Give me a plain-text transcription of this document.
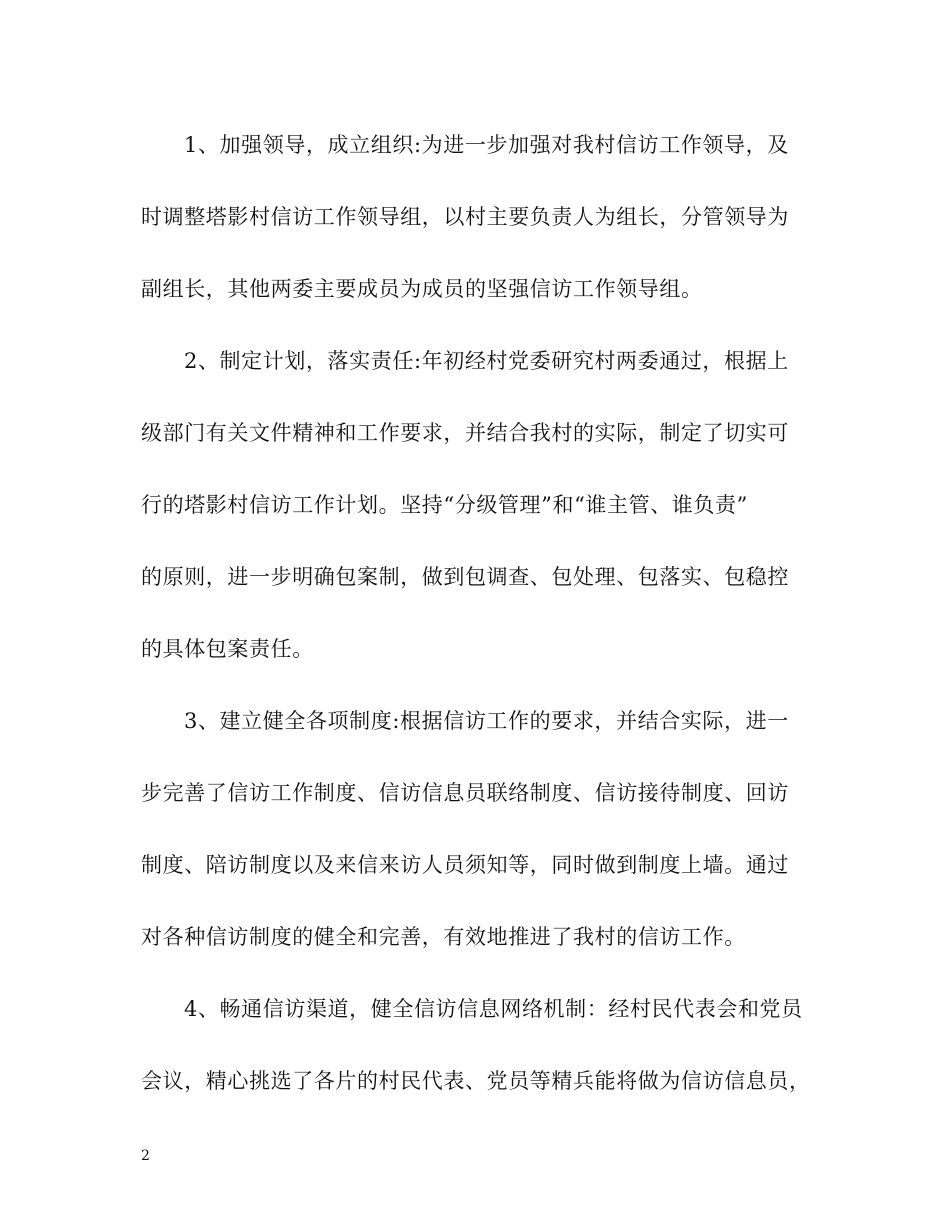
1、加强领导，成立组织:为进一步加强对我村信访工作领导，及
时调整塔影村信访工作领导组，以村主要负责人为组长，分管领导为
副组长，其他两委主要成员为成员的坚强信访工作领导组。
2、制定计划，落实责任:年初经村党委研究村两委通过，根据上
级部门有关文件精神和工作要求，并结合我村的实际，制定了切实可
行的塔影村信访工作计划。坚持“分级管理”和“谁主管、谁负责”
的原则，进一步明确包案制，做到包调查、包处理、包落实、包稳控
的具体包案责任。
3、建立健全各项制度:根据信访工作的要求，并结合实际，进一
步完善了信访工作制度、信访信息员联络制度、信访接待制度、回访
制度、陪访制度以及来信来访人员须知等，同时做到制度上墙。通过
对各种信访制度的健全和完善，有效地推进了我村的信访工作。
4、畅通信访渠道，健全信访信息网络机制：经村民代表会和党员
会议，精心挑选了各片的村民代表、党员等精兵能将做为信访信息员，
2
